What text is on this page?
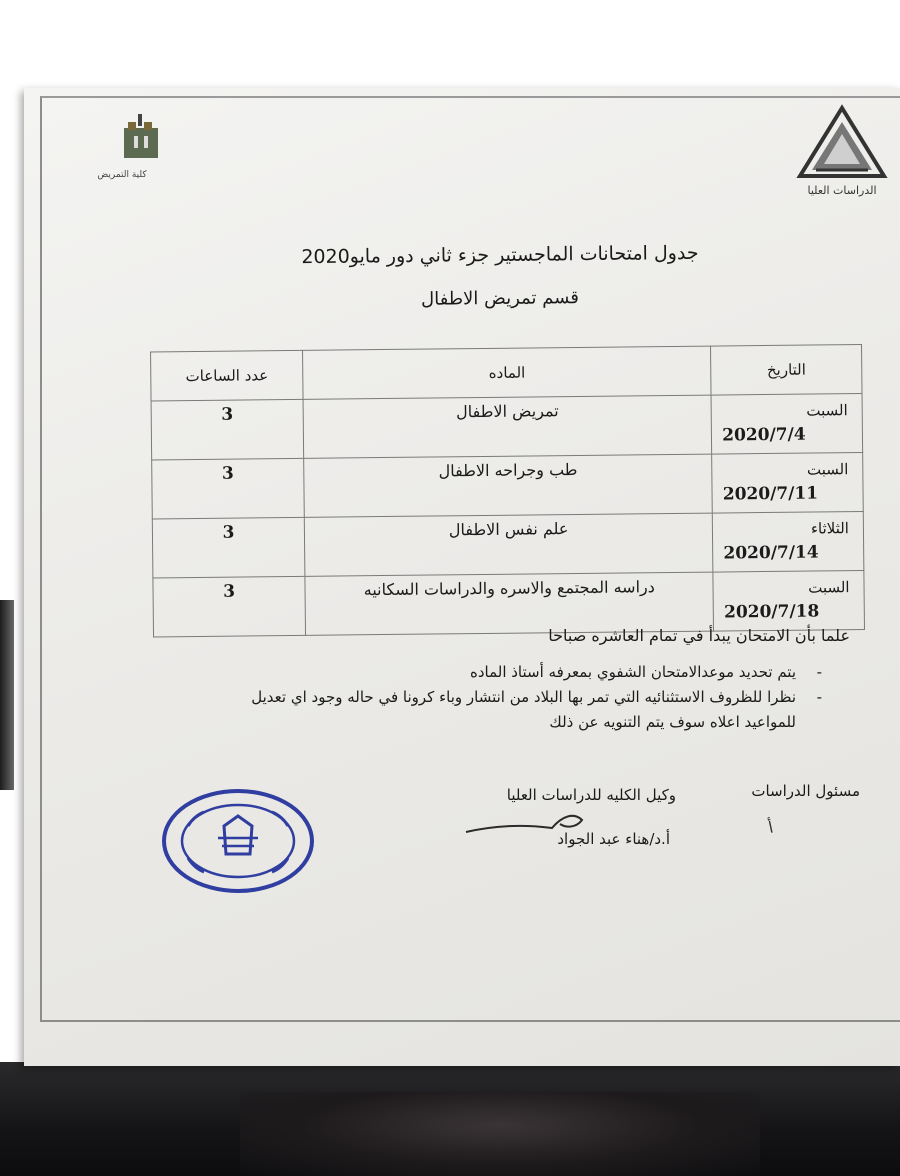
كلية التمريض
الدراسات العليا
جدول امتحانات الماجستير جزء ثاني دور مايو2020
قسم تمريض الاطفال
التاريخ	الماده	عدد الساعات

السبت
2020/7/4	تمريض الاطفال	3

السبت
2020/7/11	طب وجراحه الاطفال	3

الثلاثاء
2020/7/14	علم نفس الاطفال	3

السبت
2020/7/18	دراسه المجتمع والاسره والدراسات السكانيه	3
علما بأن الامتحان يبدأ في تمام العاشره صباحا
-
يتم تحديد موعدالامتحان الشفوي بمعرفه أستاذ الماده
-
نظرا للظروف الاستثنائيه التي تمر بها البلاد من انتشار وباء كرونا في حاله وجود اي تعديل للمواعيد اعلاه سوف يتم التنويه عن ذلك
مسئول الدراسات
أ
وكيل الكليه للدراسات العليا
أ.د/هناء عبد الجواد
